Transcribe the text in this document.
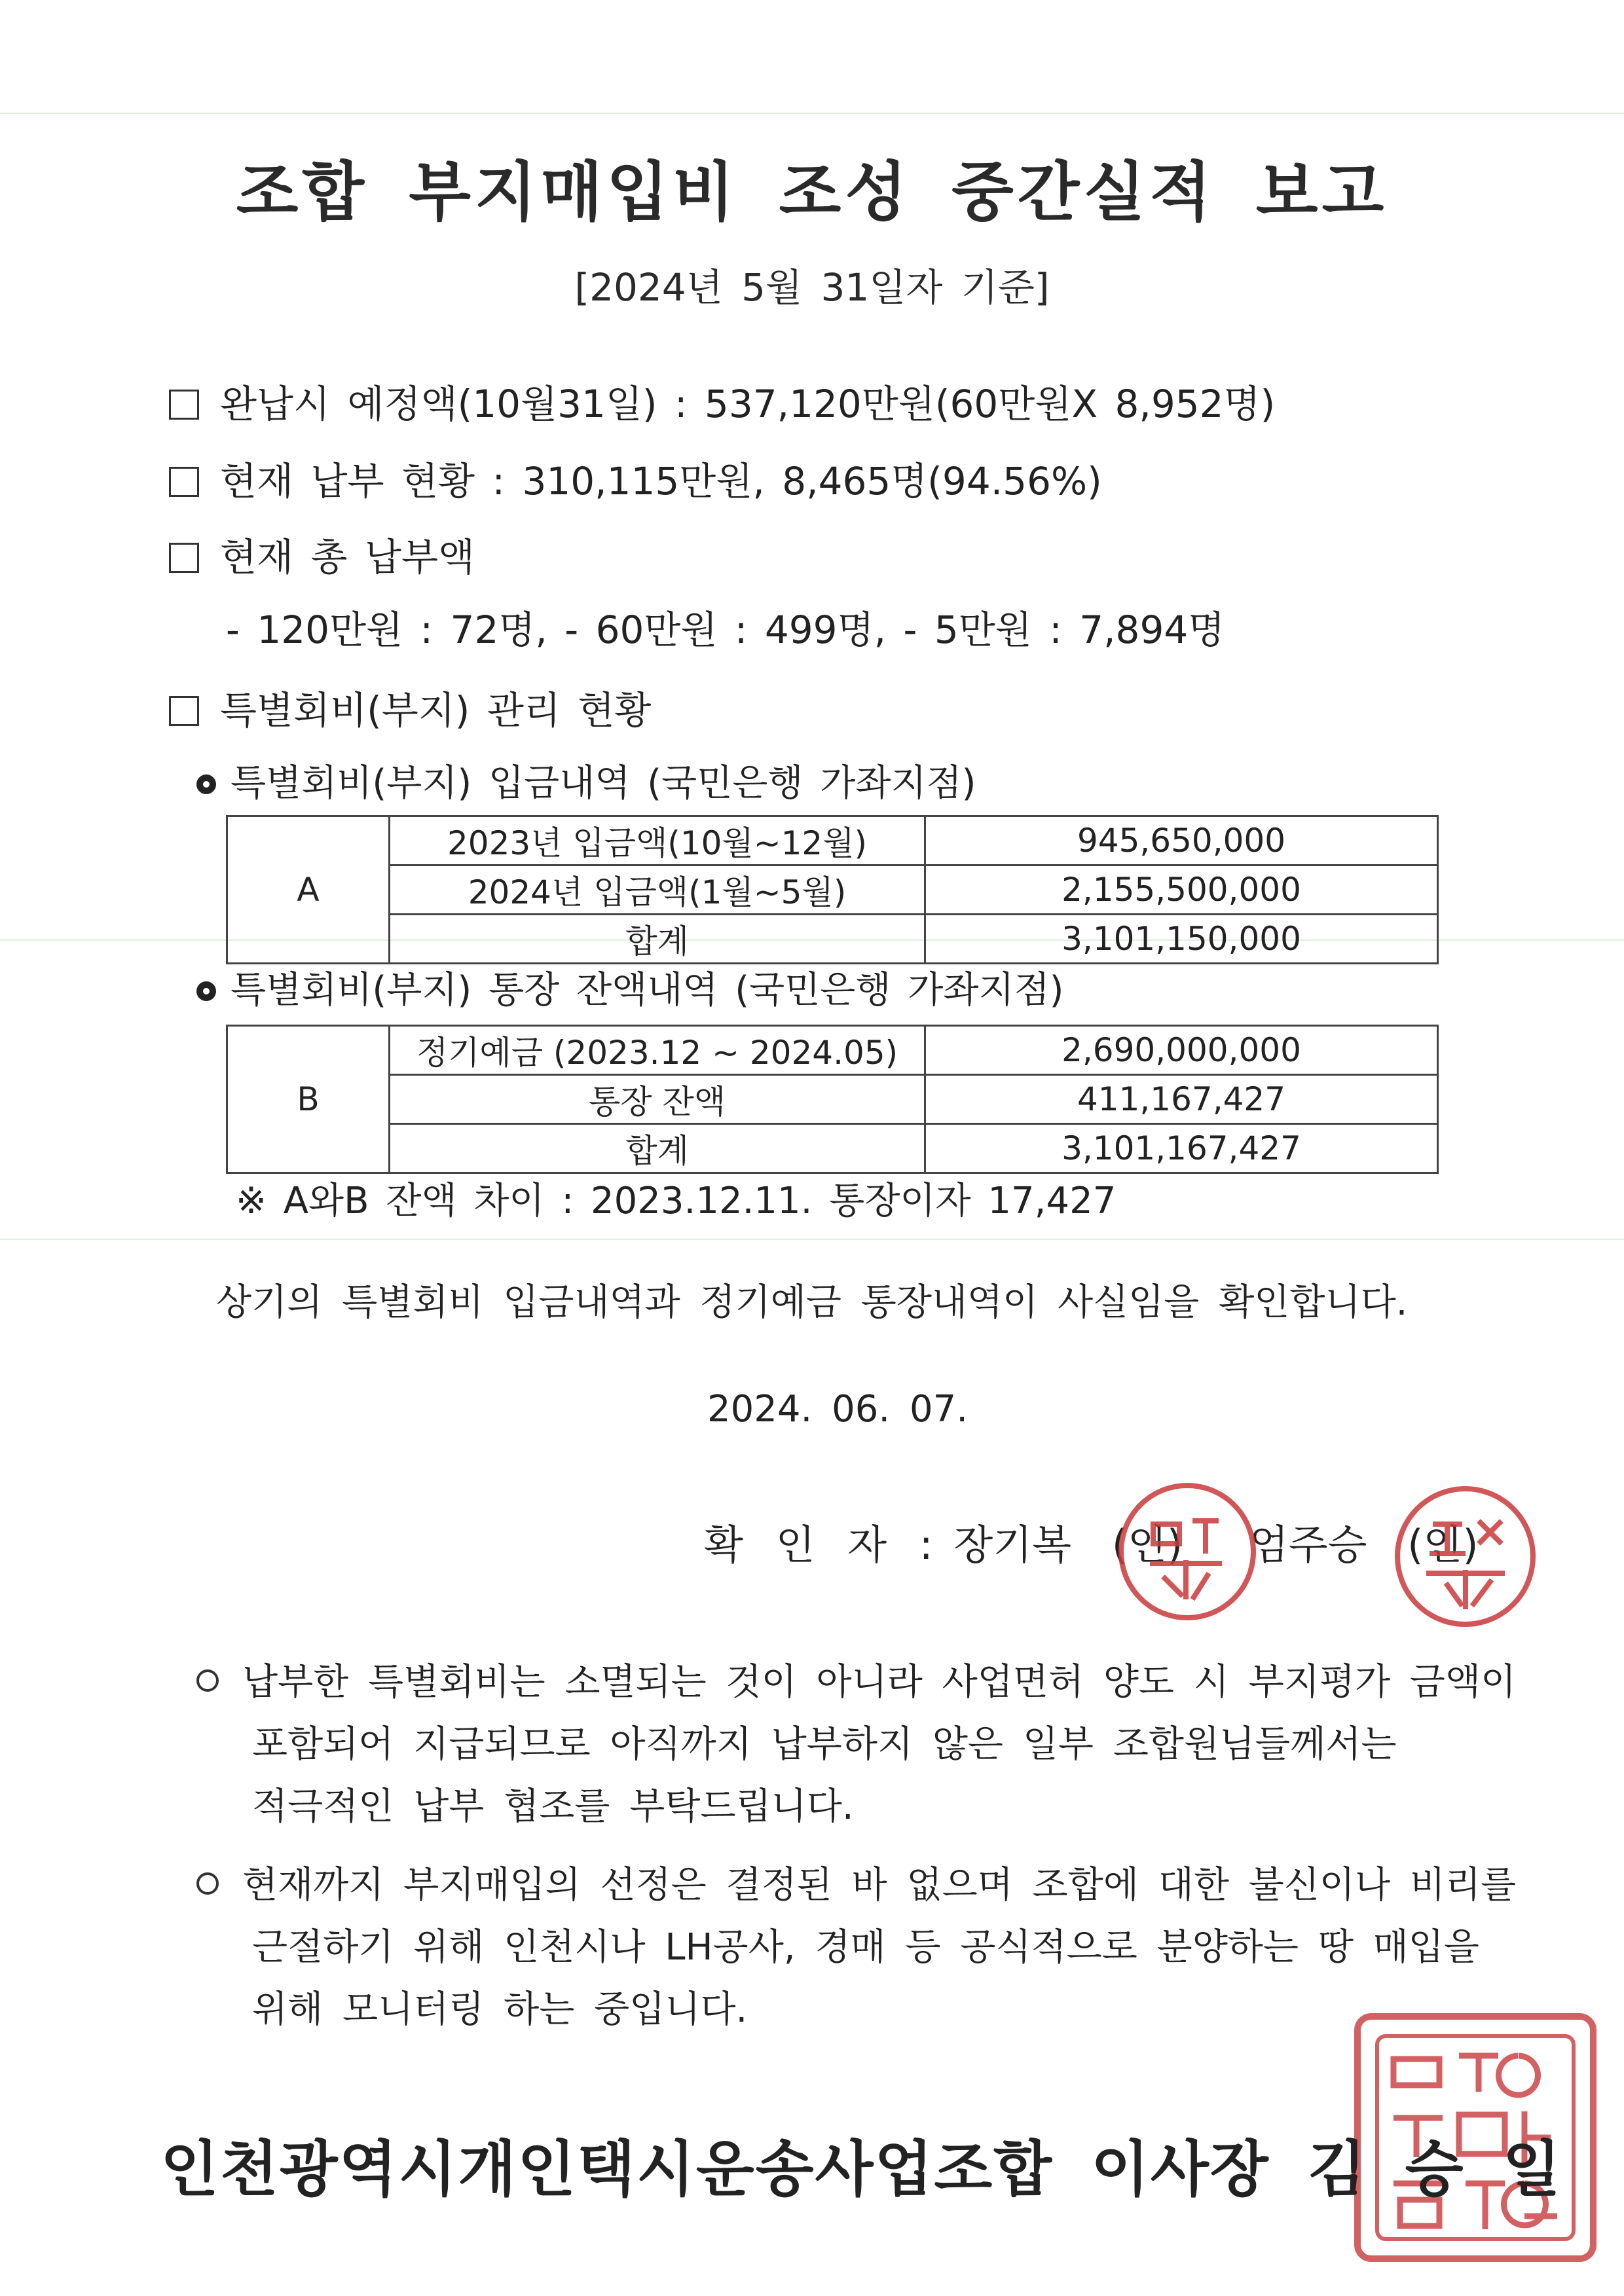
조합 부지매입비 조성 중간실적 보고
[2024년 5월 31일자 기준]
완납시 예정액(10월31일) : 537,120만원(60만원X 8,952명)
현재 납부 현황 : 310,115만원, 8,465명(94.56%)
현재 총 납부액
- 120만원 : 72명, - 60만원 : 499명, - 5만원 : 7,894명
특별회비(부지) 관리 현황
특별회비(부지) 입금내역 (국민은행 가좌지점)
A	2023년 입금액(10월~12월)	945,650,000
	2024년 입금액(1월~5월)	2,155,500,000
	합계	3,101,150,000
특별회비(부지) 통장 잔액내역 (국민은행 가좌지점)
B	정기예금 (2023.12 ~ 2024.05)	2,690,000,000
	통장 잔액	411,167,427
	합계	3,101,167,427
※ A와B 잔액 차이 : 2023.12.11. 통장이자 17,427
상기의 특별회비 입금내역과 정기예금 통장내역이 사실임을 확인합니다.
2024. 06. 07.
확 인 자 : 장기복 (인) 엄주승 (인)
납부한 특별회비는 소멸되는 것이 아니라 사업면허 양도 시 부지평가 금액이
포함되어 지급되므로 아직까지 납부하지 않은 일부 조합원님들께서는
적극적인 납부 협조를 부탁드립니다.
현재까지 부지매입의 선정은 결정된 바 없으며 조합에 대한 불신이나 비리를
근절하기 위해 인천시나 LH공사, 경매 등 공식적으로 분양하는 땅 매입을
위해 모니터링 하는 중입니다.
인천광역시개인택시운송사업조합 이사장 김 승 일
